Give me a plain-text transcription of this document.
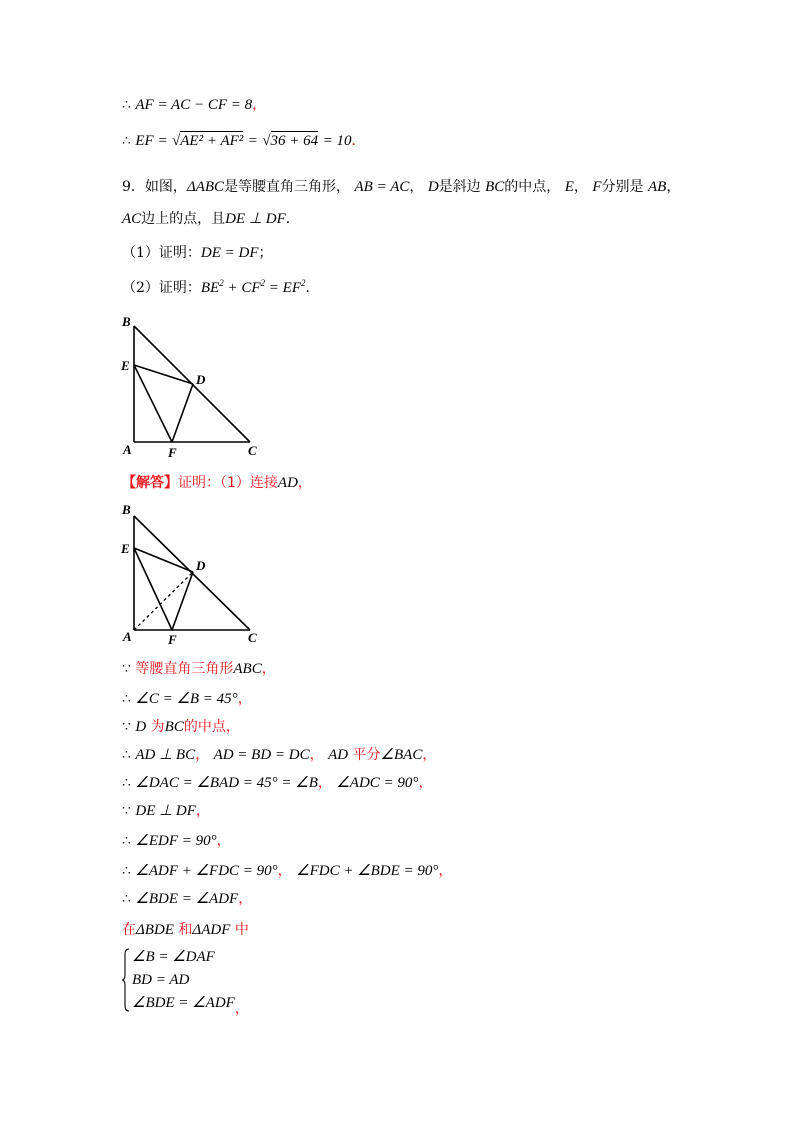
∴ AF = AC − CF = 8，
∴ EF = √AE² + AF² = √36 + 64 = 10．
9．如图，ΔABC是等腰直角三角形， AB = AC， D是斜边 BC的中点， E， F分别是 AB，
AC边上的点，且DE ⊥ DF．
（1）证明：DE = DF；
（2）证明：$BE^2 + CF^2 = EF^2$．
B
E
D
A	F	C
【解答】证明：（1）连接AD，
B
E
D
A	F	C
∵ 等腰直角三角形ABC，
∴ ∠C = ∠B = 45°，
∵ D 为BC的中点，
∴ AD ⊥ BC， AD = BD = DC， AD 平分∠BAC，
∴ ∠DAC = ∠BAD = 45° = ∠B， ∠ADC = 90°，
∵ DE ⊥ DF，
∴ ∠EDF = 90°，
∴ ∠ADF + ∠FDC = 90°， ∠FDC + ∠BDE = 90°，
∴ ∠BDE = ∠ADF，
在ΔBDE 和ΔADF 中
∠B = ∠DAF
BD = AD
∠BDE = ∠ADF，
